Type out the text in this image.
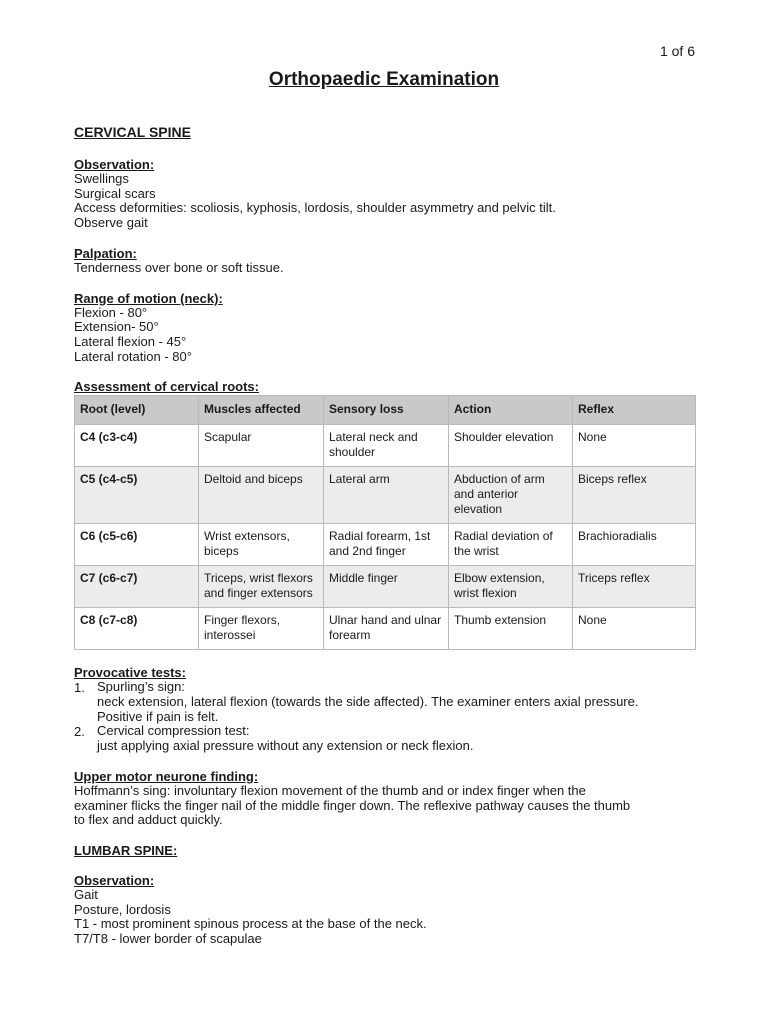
1 of 6
Orthopaedic Examination

CERVICAL SPINE

Observation:

Swellings

Surgical scars

Access deformities: scoliosis, kyphosis, lordosis, shoulder asymmetry and pelvic tilt.

Observe gait

Palpation:

Tenderness over bone or soft tissue.

Range of motion (neck):

Flexion - 80°

Extension- 50°

Lateral flexion - 45°

Lateral rotation - 80°

Assessment of cervical roots:

Root (level)	Muscles affected	Sensory loss	Action	Reflex
C4 (c3-c4)	Scapular	Lateral neck and shoulder	Shoulder elevation	None
C5 (c4-c5)	Deltoid and biceps	Lateral arm	Abduction of arm and anterior elevation	Biceps reflex
C6 (c5-c6)	Wrist extensors, biceps	Radial forearm, 1st and 2nd finger	Radial deviation of the wrist	Brachioradialis
C7 (c6-c7)	Triceps, wrist flexors and finger extensors	Middle finger	Elbow extension, wrist flexion	Triceps reflex
C8 (c7-c8)	Finger flexors, interossei	Ulnar hand and ulnar forearm	Thumb extension	None

Provocative tests:

1. Spurling’s sign:

neck extension, lateral flexion (towards the side affected). The examiner enters axial pressure.

Positive if pain is felt.

2. Cervical compression test:

just applying axial pressure without any extension or neck flexion.

Upper motor neurone finding:

Hoffmann’s sing: involuntary flexion movement of the thumb and or index finger when the

examiner flicks the finger nail of the middle finger down. The reflexive pathway causes the thumb

to flex and adduct quickly.

LUMBAR SPINE:

Observation:

Gait

Posture, lordosis

T1 - most prominent spinous process at the base of the neck.

T7/T8 - lower border of scapulae
